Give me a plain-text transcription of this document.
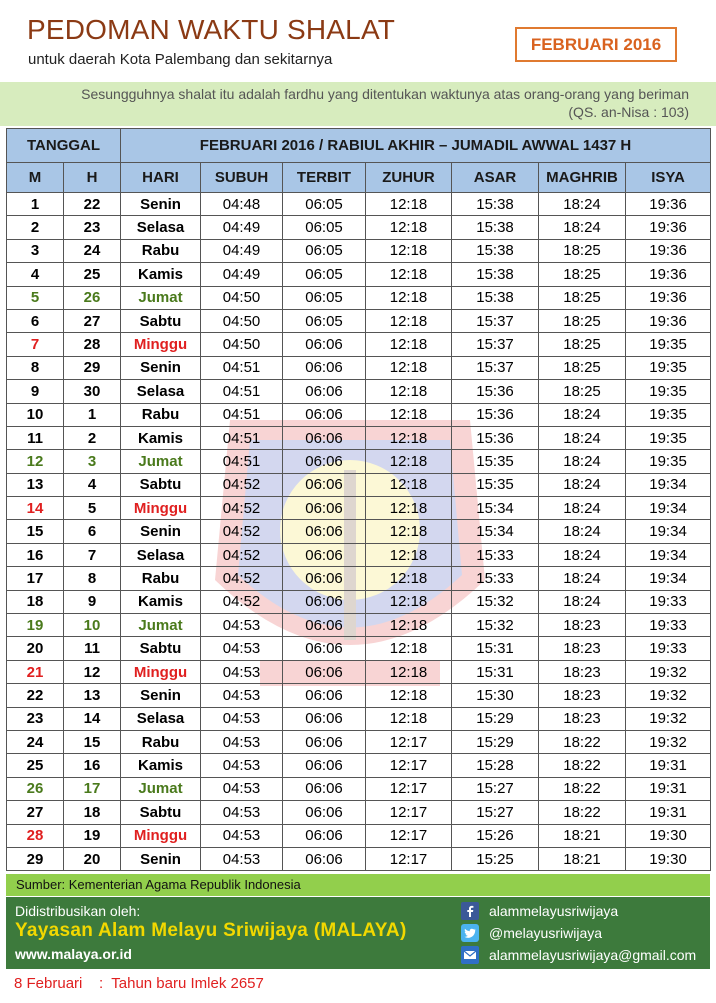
PEDOMAN WAKTU SHALAT
untuk daerah Kota Palembang dan sekitarnya
FEBRUARI 2016
Sesungguhnya shalat itu adalah fardhu yang ditentukan waktunya atas orang-orang yang beriman
(QS. an-Nisa : 103)
TANGGAL		FEBRUARI 2016 / RABIUL AKHIR – JUMADIL AWWAL 1437 H						
M	H	HARI	SUBUH	TERBIT	ZUHUR	ASAR	MAGHRIB	ISYA
1	22	Senin	04:48	06:05	12:18	15:38	18:24	19:36
2	23	Selasa	04:49	06:05	12:18	15:38	18:24	19:36
3	24	Rabu	04:49	06:05	12:18	15:38	18:25	19:36
4	25	Kamis	04:49	06:05	12:18	15:38	18:25	19:36
5	26	Jumat	04:50	06:05	12:18	15:38	18:25	19:36
6	27	Sabtu	04:50	06:05	12:18	15:37	18:25	19:36
7	28	Minggu	04:50	06:06	12:18	15:37	18:25	19:35
8	29	Senin	04:51	06:06	12:18	15:37	18:25	19:35
9	30	Selasa	04:51	06:06	12:18	15:36	18:25	19:35
10	1	Rabu	04:51	06:06	12:18	15:36	18:24	19:35
11	2	Kamis	04:51	06:06	12:18	15:36	18:24	19:35
12	3	Jumat	04:51	06:06	12:18	15:35	18:24	19:35
13	4	Sabtu	04:52	06:06	12:18	15:35	18:24	19:34
14	5	Minggu	04:52	06:06	12:18	15:34	18:24	19:34
15	6	Senin	04:52	06:06	12:18	15:34	18:24	19:34
16	7	Selasa	04:52	06:06	12:18	15:33	18:24	19:34
17	8	Rabu	04:52	06:06	12:18	15:33	18:24	19:34
18	9	Kamis	04:52	06:06	12:18	15:32	18:24	19:33
19	10	Jumat	04:53	06:06	12:18	15:32	18:23	19:33
20	11	Sabtu	04:53	06:06	12:18	15:31	18:23	19:33
21	12	Minggu	04:53	06:06	12:18	15:31	18:23	19:32
22	13	Senin	04:53	06:06	12:18	15:30	18:23	19:32
23	14	Selasa	04:53	06:06	12:18	15:29	18:23	19:32
24	15	Rabu	04:53	06:06	12:17	15:29	18:22	19:32
25	16	Kamis	04:53	06:06	12:17	15:28	18:22	19:31
26	17	Jumat	04:53	06:06	12:17	15:27	18:22	19:31
27	18	Sabtu	04:53	06:06	12:17	15:27	18:22	19:31
28	19	Minggu	04:53	06:06	12:17	15:26	18:21	19:30
29	20	Senin	04:53	06:06	12:17	15:25	18:21	19:30
Sumber: Kementerian Agama Republik Indonesia
Didistribusikan oleh:
Yayasan Alam Melayu Sriwijaya (MALAYA)
www.malaya.or.id
alammelayusriwijaya
@melayusriwijaya
alammelayusriwijaya@gmail.com
8 Februari    :  Tahun baru Imlek 2657
